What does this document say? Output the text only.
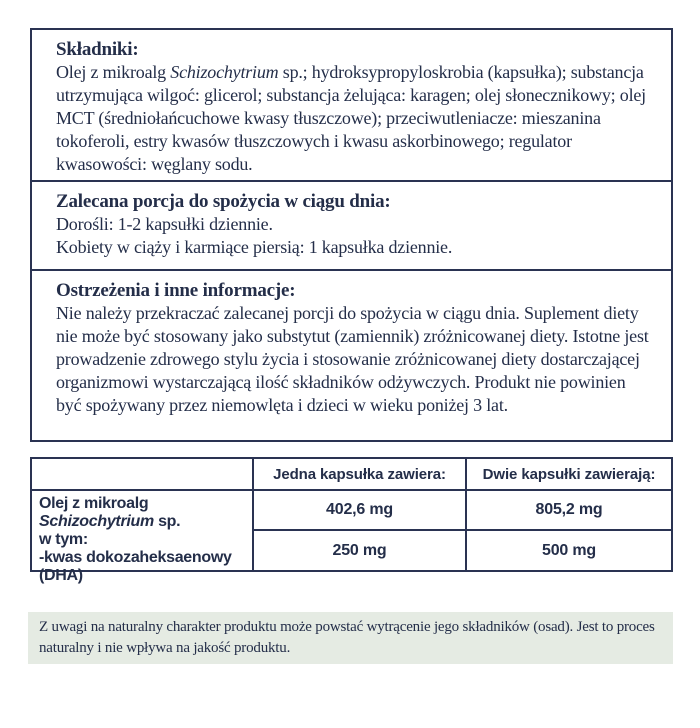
Składniki:
Olej z mikroalg Schizochytrium sp.; hydroksypropyloskrobia (kapsułka); substancja utrzymująca wilgoć: glicerol; substancja żelująca: karagen; olej słonecznikowy; olej MCT (średniołańcuchowe kwasy tłuszczowe); przeciwutleniacze: mieszanina tokoferoli, estry kwasów tłuszczowych i kwasu askorbinowego; regulator kwasowości: węglany sodu.
Zalecana porcja do spożycia w ciągu dnia:
Dorośli: 1-2 kapsułki dziennie.
Kobiety w ciąży i karmiące piersią: 1 kapsułka dziennie.
Ostrzeżenia i inne informacje:
Nie należy przekraczać zalecanej porcji do spożycia w ciągu dnia. Suplement diety nie może być stosowany jako substytut (zamiennik) zróżnicowanej diety. Istotne jest prowadzenie zdrowego stylu życia i stosowanie zróżnicowanej diety dostarczającej organizmowi wystarczającą ilość składników odżywczych. Produkt nie powinien być spożywany przez niemowlęta i dzieci w wieku poniżej 3 lat.
	Jedna kapsułka zawiera:	Dwie kapsułki zawierają:

Olej z mikroalg Schizochytrium sp.
w tym:
-kwas dokozaheksaenowy (DHA)	402,6 mg	805,2 mg
	250 mg	500 mg
Z uwagi na naturalny charakter produktu może powstać wytrącenie jego składników (osad). Jest to proces naturalny i nie wpływa na jakość produktu.
